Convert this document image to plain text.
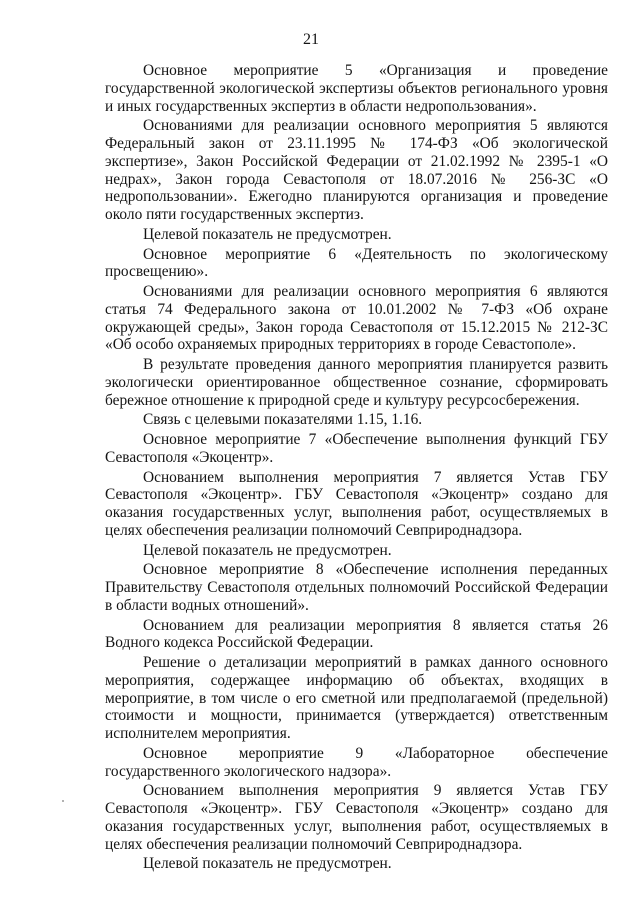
21

Основное мероприятие 5 «Организация и проведение государственной экологической экспертизы объектов регионального уровня и иных государственных экспертиз в области недропользования».

Основаниями для реализации основного мероприятия 5 являются Федеральный закон от 23.11.1995 № 174-ФЗ «Об экологической экспертизе», Закон Российской Федерации от 21.02.1992 № 2395-1 «О недрах», Закон города Севастополя от 18.07.2016 № 256-ЗС «О недропользовании». Ежегодно планируются организация и проведение около пяти государственных экспертиз.

Целевой показатель не предусмотрен.

Основное мероприятие 6 «Деятельность по экологическому просвещению».

Основаниями для реализации основного мероприятия 6 являются статья 74 Федерального закона от 10.01.2002 № 7-ФЗ «Об охране окружающей среды», Закон города Севастополя от 15.12.2015 № 212-ЗС «Об особо охраняемых природных территориях в городе Севастополе».

В результате проведения данного мероприятия планируется развить экологически ориентированное общественное сознание, сформировать бережное отношение к природной среде и культуру ресурсосбережения.

Связь с целевыми показателями 1.15, 1.16.

Основное мероприятие 7 «Обеспечение выполнения функций ГБУ Севастополя «Экоцентр».

Основанием выполнения мероприятия 7 является Устав ГБУ Севастополя «Экоцентр». ГБУ Севастополя «Экоцентр» создано для оказания государственных услуг, выполнения работ, осуществляемых в целях обеспечения реализации полномочий Севприроднадзора.

Целевой показатель не предусмотрен.

Основное мероприятие 8 «Обеспечение исполнения переданных Правительству Севастополя отдельных полномочий Российской Федерации в области водных отношений».

Основанием для реализации мероприятия 8 является статья 26 Водного кодекса Российской Федерации.

Решение о детализации мероприятий в рамках данного основного мероприятия, содержащее информацию об объектах, входящих в мероприятие, в том числе о его сметной или предполагаемой (предельной) стоимости и мощности, принимается (утверждается) ответственным исполнителем мероприятия.

Основное мероприятие 9 «Лабораторное обеспечение государственного экологического надзора».

Основанием выполнения мероприятия 9 является Устав ГБУ Севастополя «Экоцентр». ГБУ Севастополя «Экоцентр» создано для оказания государственных услуг, выполнения работ, осуществляемых в целях обеспечения реализации полномочий Севприроднадзора.

Целевой показатель не предусмотрен.
